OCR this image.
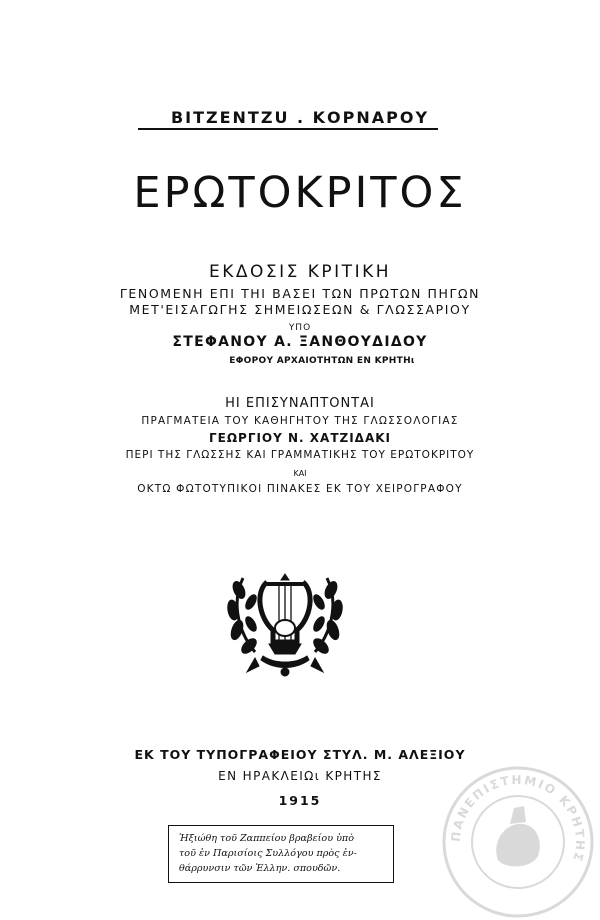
ΒΙΤΖΕΝΤΖU . ΚΟΡΝΑΡΟΥ
ΕΡΩΤΟΚΡΙΤΟΣ
ΕΚΔΟΣΙΣ ΚΡΙΤΙΚΗ
ΓΕΝΟΜΕΝΗ ΕΠΙ ΤΗΙ ΒΑΣΕΙ ΤΩΝ ΠΡΩΤΩΝ ΠΗΓΩΝ
ΜΕΤ'ΕΙΣΑΓΩΓΗΣ ΣΗΜΕΙΩΣΕΩΝ & ΓΛΩΣΣΑΡΙΟΥ
ΥΠΟ
ΣΤΕΦΑΝΟΥ Α. ΞΑΝΘΟΥΔΙΔΟΥ
ΕΦΟΡΟΥ ΑΡΧΑΙΟΤΗΤΩΝ ΕΝ ΚΡΗΤΗι
ΗΙ ΕΠΙΣΥΝΑΠΤΟΝΤΑΙ
ΠΡΑΓΜΑΤΕΙΑ ΤΟΥ ΚΑΘΗΓΗΤΟΥ ΤΗΣ ΓΛΩΣΣΟΛΟΓΙΑΣ
ΓΕΩΡΓΙΟΥ Ν. ΧΑΤΖΙΔΑΚΙ
ΠΕΡΙ ΤΗΣ ΓΛΩΣΣΗΣ ΚΑΙ ΓΡΑΜΜΑΤΙΚΗΣ ΤΟΥ ΕΡΩΤΟΚΡΙΤΟΥ
ΚΑΙ
ΟΚΤΩ ΦΩΤΟΤΥΠΙΚΟΙ ΠΙΝΑΚΕΣ ΕΚ ΤΟΥ ΧΕΙΡΟΓΡΑΦΟΥ
ΕΚ ΤΟΥ ΤΥΠΟΓΡΑΦΕΙΟΥ ΣΤΥΛ. Μ. ΑΛΕΞΙΟΥ
ΕΝ ΗΡΑΚΛΕΙΩι ΚΡΗΤΗΣ
1915
ΠΑΝΕΠΙΣΤΗΜΙΟ ΚΡΗΤΗΣ
Ἠξιώθη τοῦ Ζαππείου βραβείου ὑπὸ
τοῦ ἐν Παρισίοις Συλλόγου πρὸς ἐν-
θάρρυνσιν τῶν Ἑλλην. σπουδῶν.
